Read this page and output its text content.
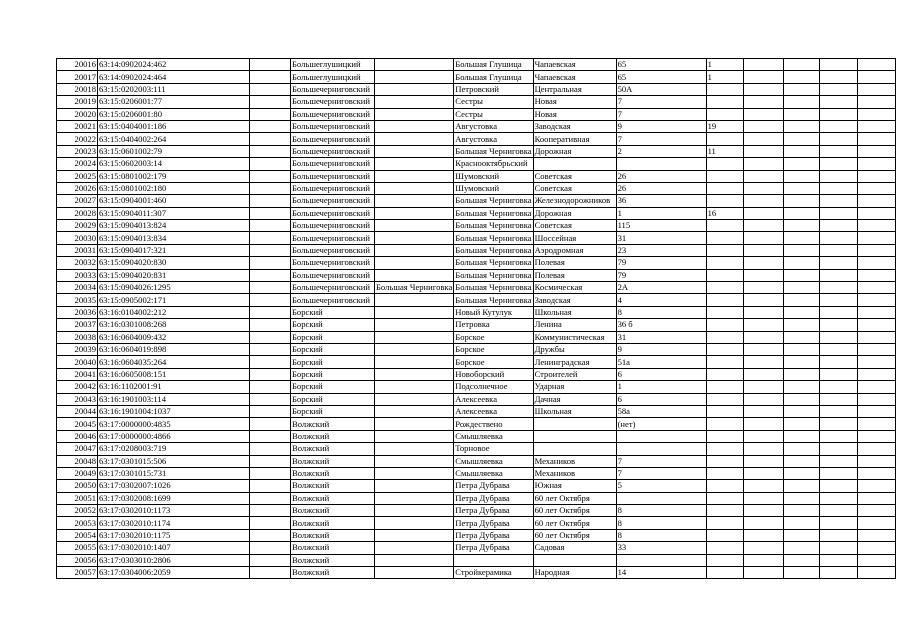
20016	63:14:0902024:462		Большеглушицкий		Большая Глушица	Чапаевская	65	1				
20017	63:14:0902024:464		Большеглушицкий		Большая Глушица	Чапаевская	65	1				
20018	63:15:0202003:111		Большечерниговский		Петровский	Центральная	50А					
20019	63:15:0206001:77		Большечерниговский		Сестры	Новая	7					
20020	63:15:0206001:80		Большечерниговский		Сестры	Новая	7					
20021	63:15:0404001:186		Большечерниговский		Августовка	Заводская	9	19				
20022	63:15:0404002:264		Большечерниговский		Августовка	Кооперативная	7					
20023	63:15:0601002:79		Большечерниговский		Большая Черниговка	Дорожная	2	11				
20024	63:15:0602003:14		Большечерниговский		Краснооктябрьский							
20025	63:15:0801002:179		Большечерниговский		Шумовский	Советская	26					
20026	63:15:0801002:180		Большечерниговский		Шумовский	Советская	26					
20027	63:15:0904001:460		Большечерниговский		Большая Черниговка	Железнодорожников	36					
20028	63:15:0904011:307		Большечерниговский		Большая Черниговка	Дорожная	1	16				
20029	63:15:0904013:824		Большечерниговский		Большая Черниговка	Советская	115					
20030	63:15:0904013:834		Большечерниговский		Большая Черниговка	Шоссейная	31					
20031	63:15:0904017:321		Большечерниговский		Большая Черниговка	Аэродромная	23					
20032	63:15:0904020:830		Большечерниговский		Большая Черниговка	Полевая	79					
20033	63:15:0904020:831		Большечерниговский		Большая Черниговка	Полевая	79					
20034	63:15:0904026:1295		Большечерниговский	Большая Черниговка	Большая Черниговка	Космическая	2А					
20035	63:15:0905002:171		Большечерниговский		Большая Черниговка	Заводская	4					
20036	63:16:0104002:212		Борский		Новый Кутулук	Школьная	8					
20037	63:16:0301008:268		Борский		Петровка	Ленина	36 б					
20038	63:16:0604009:432		Борский		Борское	Коммунистическая	31					
20039	63:16:0604019:898		Борский		Борское	Дружбы	9					
20040	63:16:0604035:264		Борский		Борское	Ленинградская	51а					
20041	63:16:0605008:151		Борский		Новоборский	Строителей	6					
20042	63:16:1102001:91		Борский		Подсолнечное	Ударная	1					
20043	63:16:1901003:114		Борский		Алексеевка	Дачная	6					
20044	63:16:1901004:1037		Борский		Алексеевка	Школьная	58а					
20045	63:17:0000000:4835		Волжский		Рождествено		(нет)					
20046	63:17:0000000:4866		Волжский		Смышляевка							
20047	63:17:0208003:719		Волжский		Торновое							
20048	63:17:0301015:506		Волжский		Смышляевка	Механиков	7					
20049	63:17:0301015:731		Волжский		Смышляевка	Механиков	7					
20050	63:17:0302007:1026		Волжский		Петра Дубрава	Южная	5					
20051	63:17:0302008:1699		Волжский		Петра Дубрава	60 лет Октября						
20052	63:17:0302010:1173		Волжский		Петра Дубрава	60 лет Октября	8					
20053	63:17:0302010:1174		Волжский		Петра Дубрава	60 лет Октября	8					
20054	63:17:0302010:1175		Волжский		Петра Дубрава	60 лет Октября	8					
20055	63:17:0302010:1407		Волжский		Петра Дубрава	Садовая	33					
20056	63:17:0303010:2806		Волжский									
20057	63:17:0304006:2059		Волжский		Стройкерамика	Народная	14					
